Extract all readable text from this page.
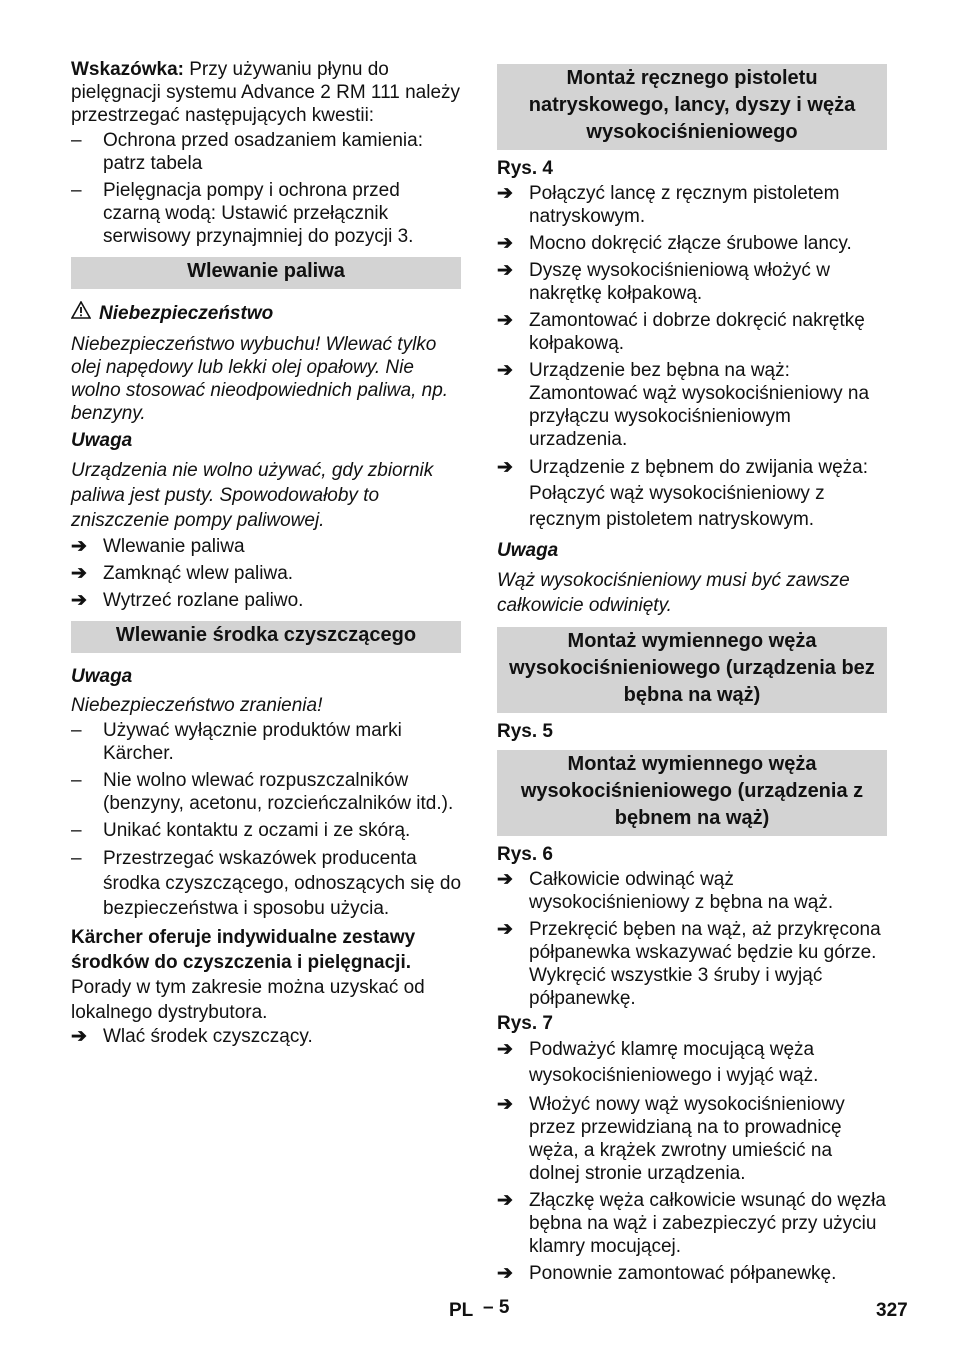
Wskazówka: Przy używaniu płynu do pielęgnacji systemu Advance 2 RM 111 należy przestrzegać następujących kwestii:

– Ochrona przed osadzaniem kamienia: patrz tabela

– Pielęgnacja pompy i ochrona przed czarną wodą: Ustawić przełącznik serwisowy przynajmniej do pozycji 3.

Wlewanie paliwa

Niebezpieczeństwo

Niebezpieczeństwo wybuchu! Wlewać tylko olej napędowy lub lekki olej opałowy. Nie wolno stosować nieodpowiednich paliwa, np. benzyny.

Uwaga

Urządzenia nie wolno używać, gdy zbiornik paliwa jest pusty. Spowodowałoby to zniszczenie pompy paliwowej.

➔ Wlewanie paliwa

➔ Zamknąć wlew paliwa.

➔ Wytrzeć rozlane paliwo.

Wlewanie środka czyszczącego

Uwaga

Niebezpieczeństwo zranienia!

– Używać wyłącznie produktów marki Kärcher.

– Nie wolno wlewać rozpuszczalników (benzyny, acetonu, rozcieńczalników itd.).

– Unikać kontaktu z oczami i ze skórą.

– Przestrzegać wskazówek producenta środka czyszczącego, odnoszących się do bezpieczeństwa i sposobu użycia.

Kärcher oferuje indywidualne zestawy środków do czyszczenia i pielęgnacji.

Porady w tym zakresie można uzyskać od lokalnego dystrybutora.

➔ Wlać środek czyszczący.

Montaż ręcznego pistoletu natryskowego, lancy, dyszy i węża wysokociśnieniowego

Rys. 4

➔ Połączyć lancę z ręcznym pistoletem natryskowym.

➔ Mocno dokręcić złącze śrubowe lancy.

➔ Dyszę wysokociśnieniową włożyć w nakrętkę kołpakową.

➔ Zamontować i dobrze dokręcić nakrętkę kołpakową.

➔ Urządzenie bez bębna na wąż: Zamontować wąż wysokociśnieniowy na przyłączu wysokociśnieniowym urzadzenia.

➔ Urządzenie z bębnem do zwijania węża: Połączyć wąż wysokociśnieniowy z ręcznym pistoletem natryskowym.

Uwaga

Wąż wysokociśnieniowy musi być zawsze całkowicie odwinięty.

Montaż wymiennego węża wysokociśnieniowego (urządzenia bez bębna na wąż)

Rys. 5

Montaż wymiennego węża wysokociśnieniowego (urządzenia z bębnem na wąż)

Rys. 6

➔ Całkowicie odwinąć wąż wysokociśnieniowy z bębna na wąż.

➔ Przekręcić bęben na wąż, aż przykręcona półpanewka wskazywać będzie ku górze. Wykręcić wszystkie 3 śruby i wyjąć półpanewkę.

Rys. 7

➔ Podważyć klamrę mocującą węża wysokociśnieniowego i wyjąć wąż.

➔ Włożyć nowy wąż wysokociśnieniowy przez przewidzianą na to prowadnicę węża, a krążek zwrotny umieścić na dolnej stronie urządzenia.

➔ Złączkę węża całkowicie wsunąć do węzła bębna na wąż i zabezpieczyć przy użyciu klamry mocującej.

➔ Ponownie zamontować półpanewkę.

PL – 5	327
